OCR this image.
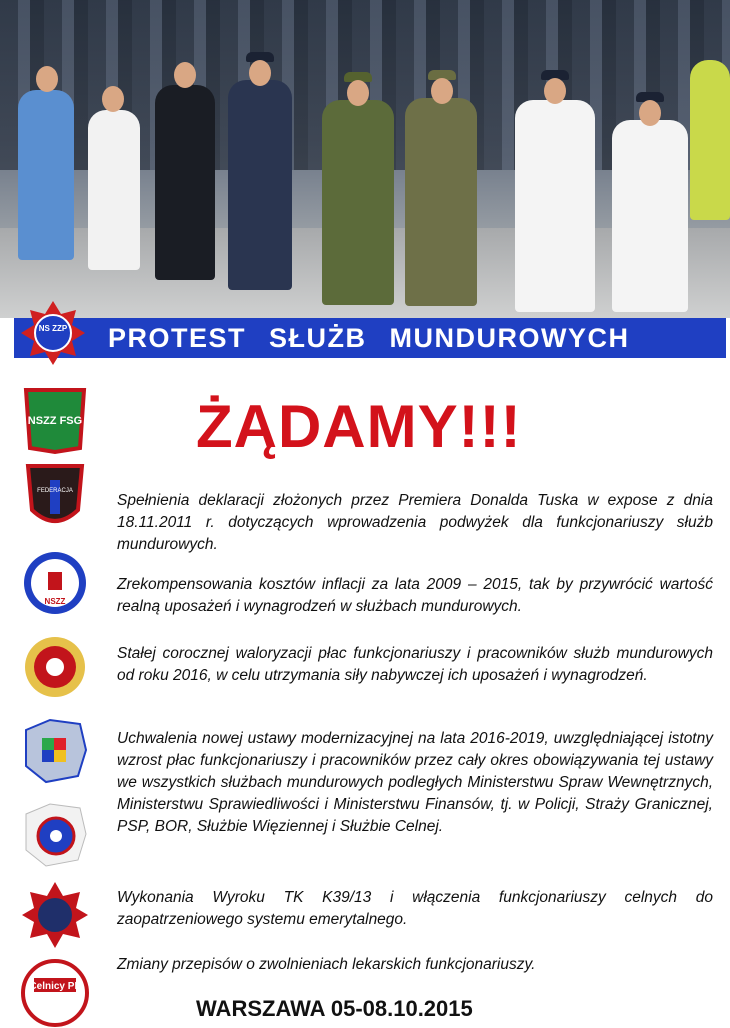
PROTEST SŁUŻB MUNDUROWYCH
NS ZZP
NSZZ FSG
FEDERACJA
NSZZ
Celnicy PL
ŻĄDAMY!!!
Spełnienia deklaracji złożonych przez Premiera Donalda Tuska w expose z dnia 18.11.2011 r. dotyczących wprowadzenia podwyżek dla funkcjonariuszy służb mundurowych.
Zrekompensowania kosztów inflacji za lata 2009 – 2015, tak by przywrócić wartość realną uposażeń i wynagrodzeń w służbach mundurowych.
Stałej corocznej waloryzacji płac funkcjonariuszy i pracowników służb mundurowych od roku 2016, w celu utrzymania siły nabywczej ich uposażeń i wynagrodzeń.
Uchwalenia nowej ustawy modernizacyjnej na lata 2016-2019, uwzględniającej istotny wzrost płac funkcjonariuszy i pracowników przez cały okres obowiązywania tej ustawy we wszystkich służbach mundurowych podległych Ministerstwu Spraw Wewnętrznych, Ministerstwu Sprawiedliwości i Ministerstwu Finansów, tj. w Policji, Straży Granicznej, PSP, BOR, Służbie Więziennej i Służbie Celnej.
Wykonania Wyroku TK K39/13 i włączenia funkcjonariuszy celnych do zaopatrzeniowego systemu emerytalnego.
Zmiany przepisów o zwolnieniach lekarskich funkcjonariuszy.
WARSZAWA 05-08.10.2015
